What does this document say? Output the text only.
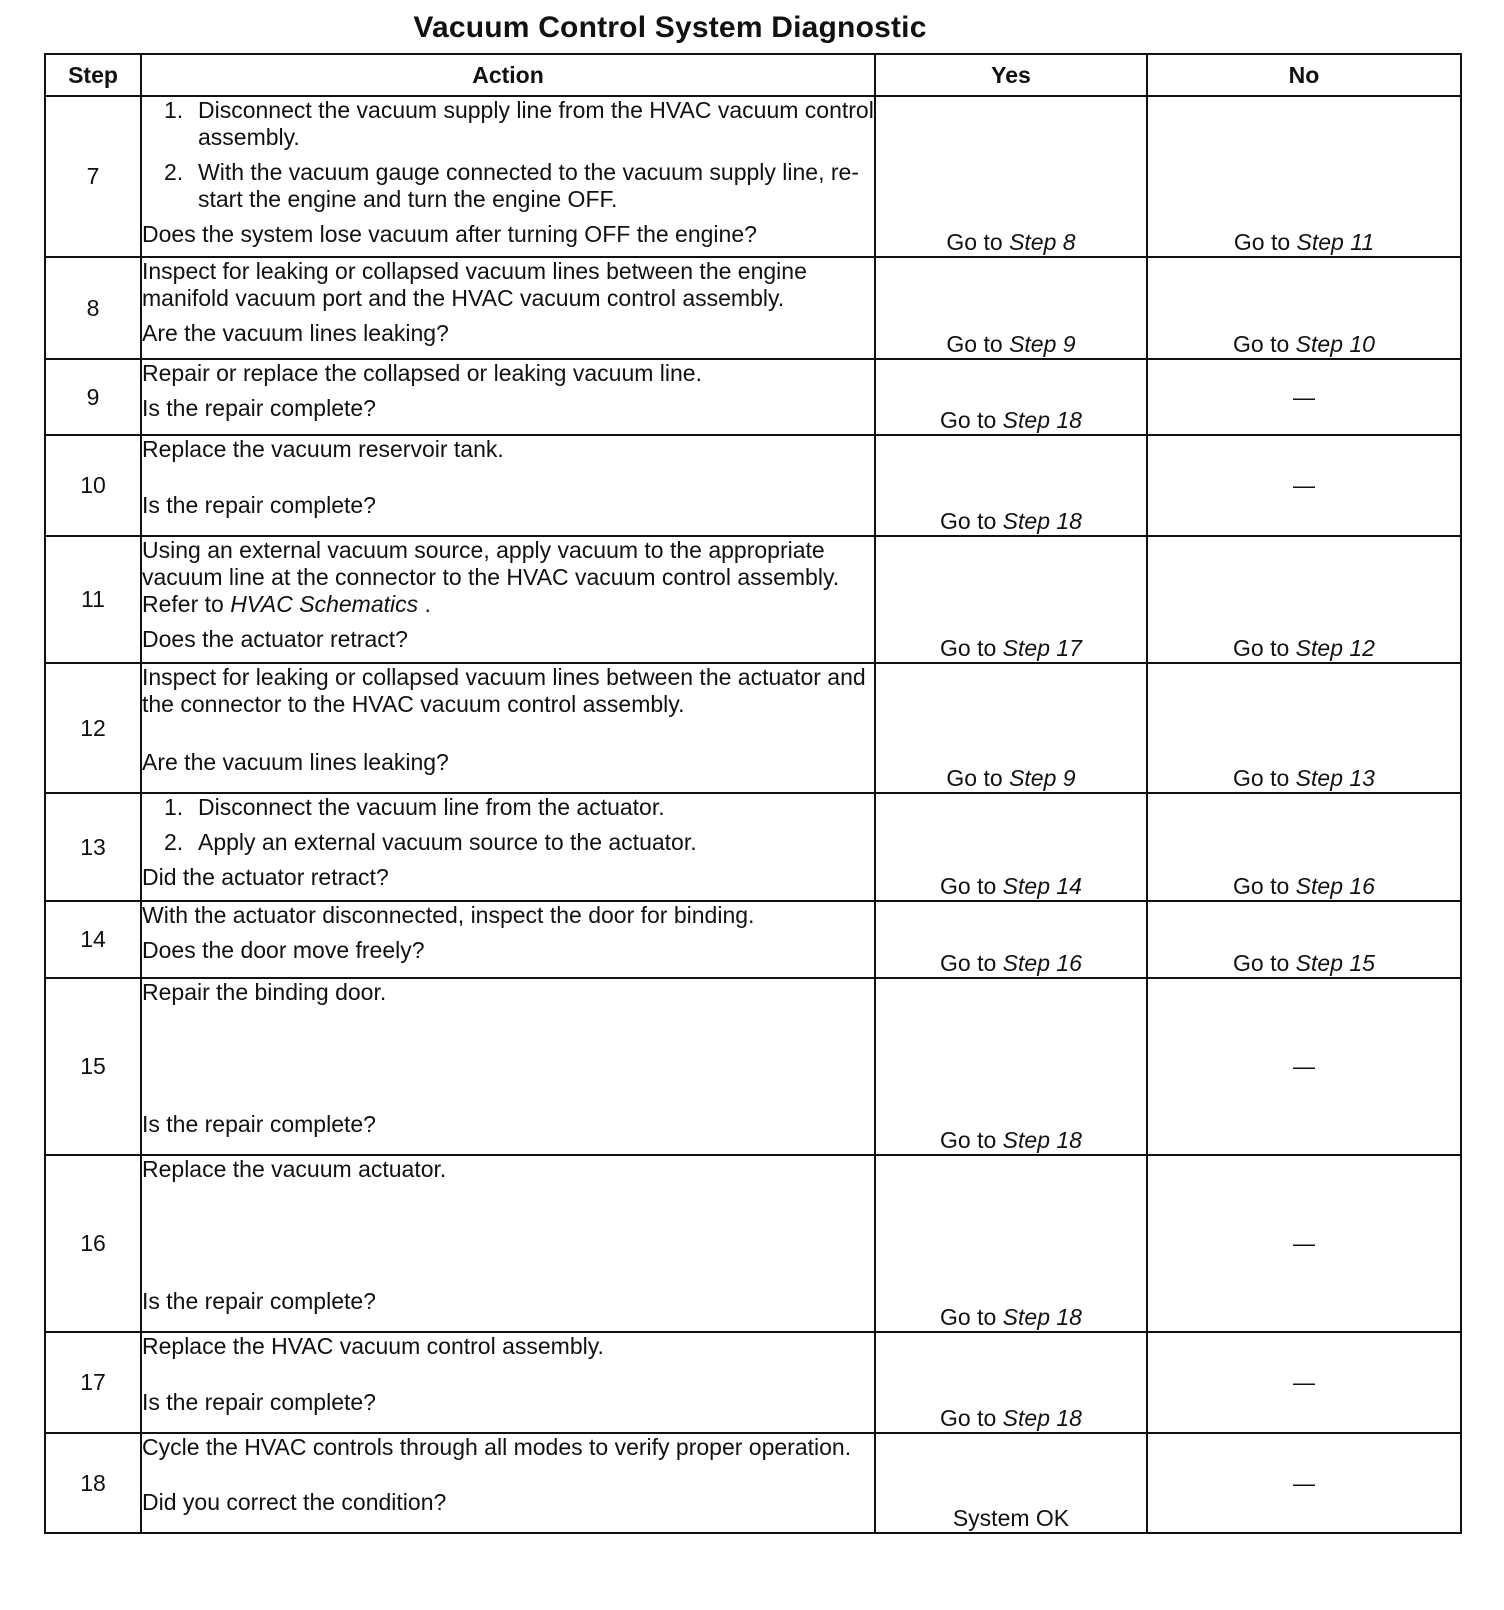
Vacuum Control System Diagnostic
Step	Action	Yes	No
7	1. Disconnect the vacuum supply line from the HVAC vacuum control assembly.
2. With the vacuum gauge connected to the vacuum supply line, re-start the engine and turn the engine OFF.
Does the system lose vacuum after turning OFF the engine?	Go to Step 8	Go to Step 11
8	Inspect for leaking or collapsed vacuum lines between the engine manifold vacuum port and the HVAC vacuum control assembly.
Are the vacuum lines leaking?	Go to Step 9	Go to Step 10
9	Repair or replace the collapsed or leaking vacuum line.
Is the repair complete?	Go to Step 18	—
10	Replace the vacuum reservoir tank.
Is the repair complete?	Go to Step 18	—
11	Using an external vacuum source, apply vacuum to the appropriate vacuum line at the connector to the HVAC vacuum control assembly. Refer to HVAC Schematics .
Does the actuator retract?	Go to Step 17	Go to Step 12
12	Inspect for leaking or collapsed vacuum lines between the actuator and the connector to the HVAC vacuum control assembly.
Are the vacuum lines leaking?	Go to Step 9	Go to Step 13
13	1. Disconnect the vacuum line from the actuator.
2. Apply an external vacuum source to the actuator.
Did the actuator retract?	Go to Step 14	Go to Step 16
14	With the actuator disconnected, inspect the door for binding.
Does the door move freely?	Go to Step 16	Go to Step 15
15	Repair the binding door.
Is the repair complete?	Go to Step 18	—
16	Replace the vacuum actuator.
Is the repair complete?	Go to Step 18	—
17	Replace the HVAC vacuum control assembly.
Is the repair complete?	Go to Step 18	—
18	Cycle the HVAC controls through all modes to verify proper operation.
Did you correct the condition?	System OK	—
